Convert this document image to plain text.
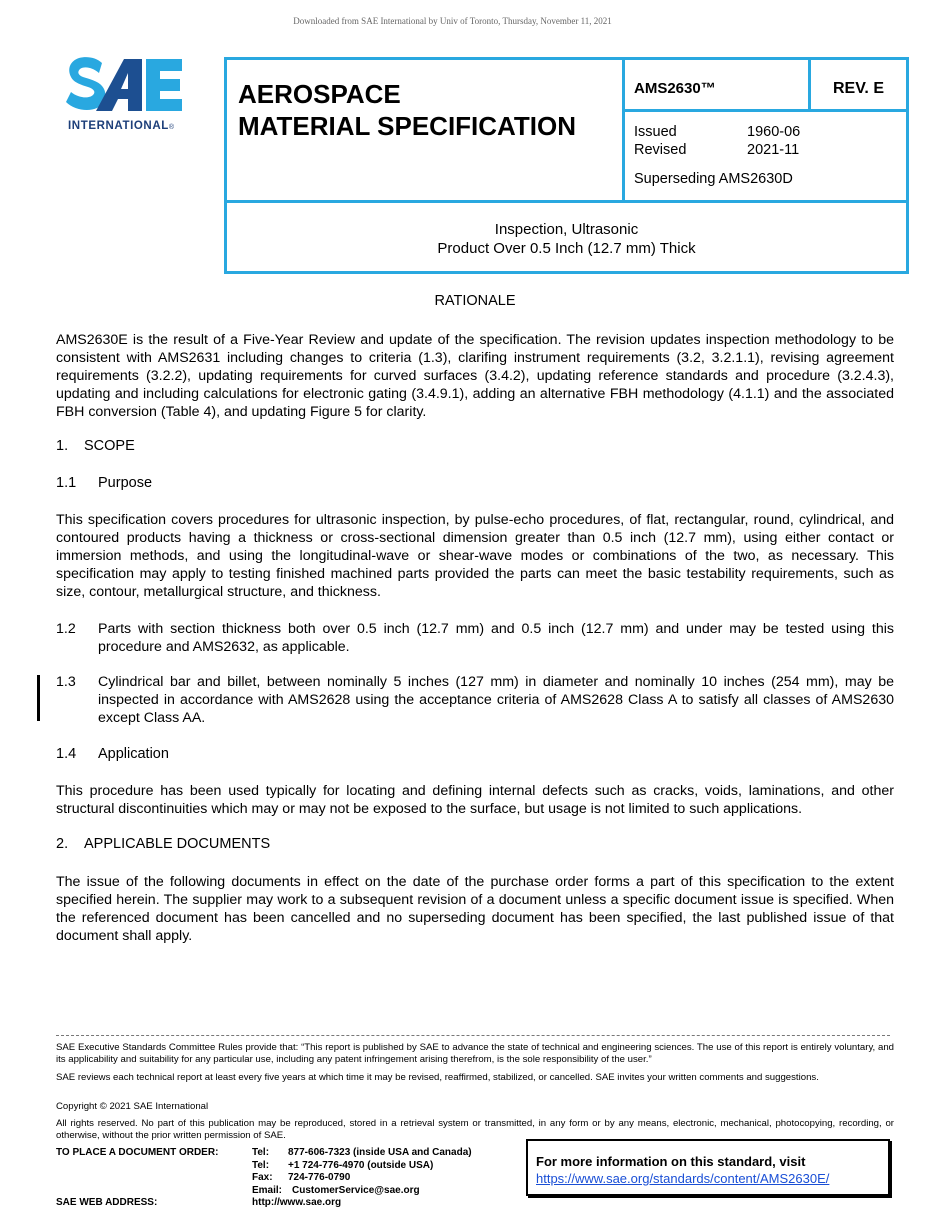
Downloaded from SAE International by Univ of Toronto, Thursday, November 11, 2021
INTERNATIONAL®
AEROSPACE
MATERIAL SPECIFICATION
AMS2630™	REV. E
Issued	1960-06
Revised	2021-11
Superseding AMS2630D
Inspection, Ultrasonic
Product Over 0.5 Inch (12.7 mm) Thick
RATIONALE
AMS2630E is the result of a Five-Year Review and update of the specification. The revision updates inspection methodology to be consistent with AMS2631 including changes to criteria (1.3), clarifing instrument requirements (3.2, 3.2.1.1), revising agreement requirements (3.2.2), updating requirements for curved surfaces (3.4.2), updating reference standards and procedure (3.2.4.3), updating and including calculations for electronic gating (3.4.9.1), adding an alternative FBH methodology (4.1.1) and the associated FBH conversion (Table 4), and updating Figure 5 for clarity.
1. SCOPE
1.1 Purpose
This specification covers procedures for ultrasonic inspection, by pulse-echo procedures, of flat, rectangular, round, cylindrical, and contoured products having a thickness or cross-sectional dimension greater than 0.5 inch (12.7 mm), using either contact or immersion methods, and using the longitudinal-wave or shear-wave modes or combinations of the two, as necessary. This specification may apply to testing finished machined parts provided the parts can meet the basic testability requirements, such as size, contour, metallurgical structure, and thickness.
1.2	Parts with section thickness both over 0.5 inch (12.7 mm) and 0.5 inch (12.7 mm) and under may be tested using this procedure and AMS2632, as applicable.
1.3	Cylindrical bar and billet, between nominally 5 inches (127 mm) in diameter and nominally 10 inches (254 mm), may be inspected in accordance with AMS2628 using the acceptance criteria of AMS2628 Class A to satisfy all classes of AMS2630 except Class AA.
1.4 Application
This procedure has been used typically for locating and defining internal defects such as cracks, voids, laminations, and other structural discontinuities which may or may not be exposed to the surface, but usage is not limited to such applications.
2. APPLICABLE DOCUMENTS
The issue of the following documents in effect on the date of the purchase order forms a part of this specification to the extent specified herein. The supplier may work to a subsequent revision of a document unless a specific document issue is specified. When the referenced document has been cancelled and no superseding document has been specified, the last published issue of that document shall apply.
SAE Executive Standards Committee Rules provide that: “This report is published by SAE to advance the state of technical and engineering sciences. The use of this report is entirely voluntary, and its applicability and suitability for any particular use, including any patent infringement arising therefrom, is the sole responsibility of the user.”
SAE reviews each technical report at least every five years at which time it may be revised, reaffirmed, stabilized, or cancelled. SAE invites your written comments and suggestions.
Copyright © 2021 SAE International
All rights reserved. No part of this publication may be reproduced, stored in a retrieval system or transmitted, in any form or by any means, electronic, mechanical, photocopying, recording, or otherwise, without the prior written permission of SAE.
TO PLACE A DOCUMENT ORDER:
SAE WEB ADDRESS:
Tel:	877-606-7323 (inside USA and Canada)
Tel:	+1 724-776-4970 (outside USA)
Fax:	724-776-0790
Email: CustomerService@sae.org
http://www.sae.org
For more information on this standard, visit
https://www.sae.org/standards/content/AMS2630E/
